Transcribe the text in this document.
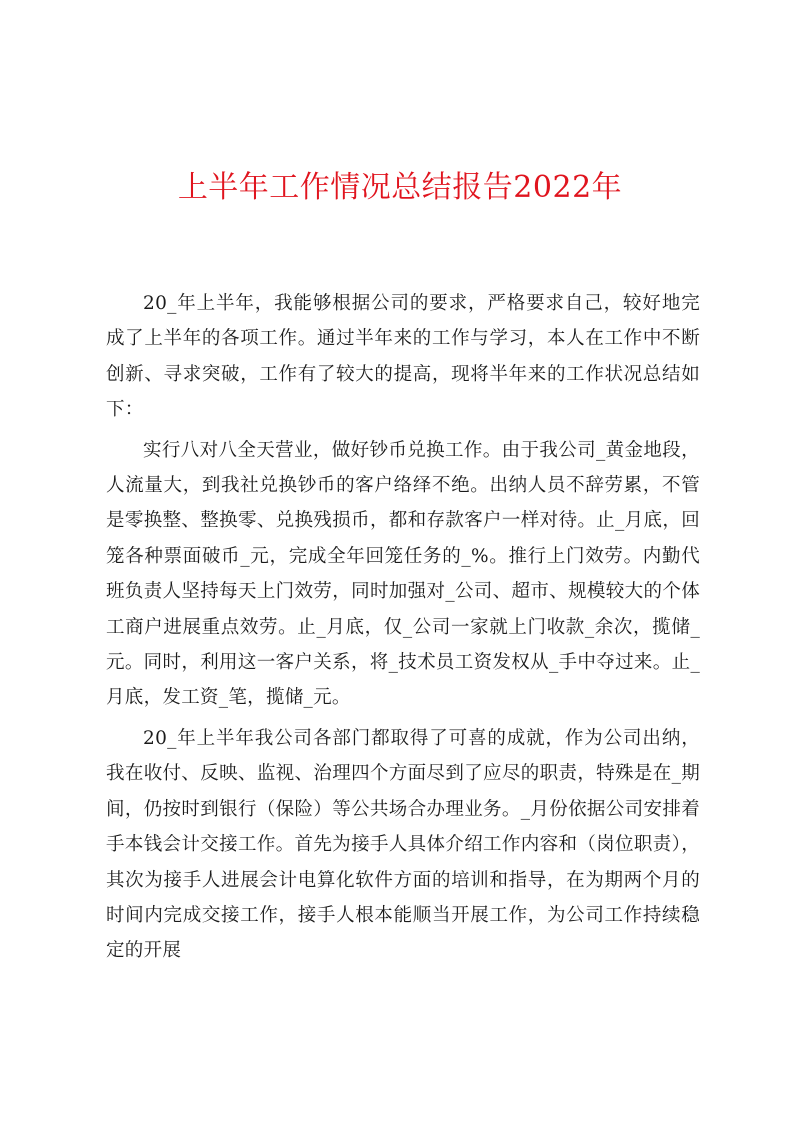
上半年工作情况总结报告2022年

20_年上半年，我能够根据公司的要求，严格要求自己，较好地完成了上半年的各项工作。通过半年来的工作与学习，本人在工作中不断创新、寻求突破，工作有了较大的提高，现将半年来的工作状况总结如下：

实行八对八全天营业，做好钞币兑换工作。由于我公司_黄金地段，人流量大，到我社兑换钞币的客户络绎不绝。出纳人员不辞劳累，不管是零换整、整换零、兑换残损币，都和存款客户一样对待。止_月底，回笼各种票面破币_元，完成全年回笼任务的_%。推行上门效劳。内勤代班负责人坚持每天上门效劳，同时加强对_公司、超市、规模较大的个体工商户进展重点效劳。止_月底，仅_公司一家就上门收款_余次，揽储_元。同时，利用这一客户关系，将_技术员工资发权从_手中夺过来。止_月底，发工资_笔，揽储_元。

20_年上半年我公司各部门都取得了可喜的成就，作为公司出纳，我在收付、反映、监视、治理四个方面尽到了应尽的职责，特殊是在_期间，仍按时到银行（保险）等公共场合办理业务。_月份依据公司安排着手本钱会计交接工作。首先为接手人具体介绍工作内容和（岗位职责），其次为接手人进展会计电算化软件方面的培训和指导，在为期两个月的时间内完成交接工作，接手人根本能顺当开展工作，为公司工作持续稳定的开展
